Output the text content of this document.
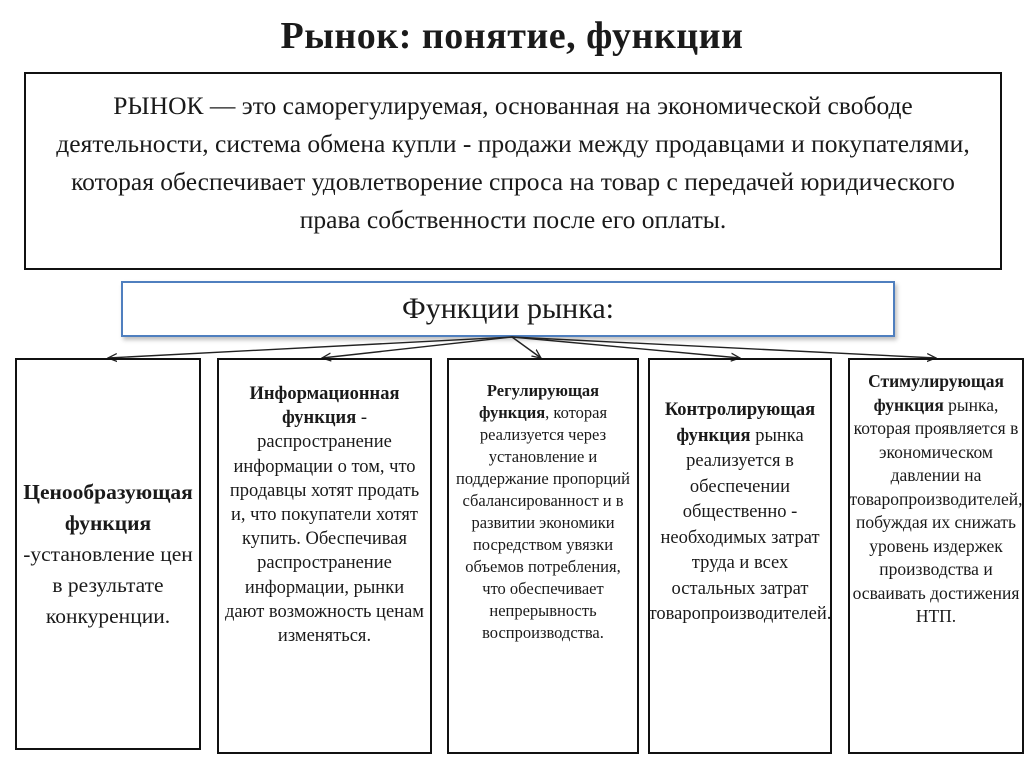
Рынок: понятие, функции
РЫНОК — это саморегулируемая, основанная на экономической свободе деятельности, система обмена купли - продажи между продавцами и покупателями, которая обеспечивает удовлетворение спроса на товар с передачей юридического права собственности после его оплаты.
Функции рынка:
Ценообразующая функция -установление цен в результате конкуренции.
Информационная функция - распространение информации о том, что продавцы хотят продать и, что покупатели хотят купить. Обеспечивая распространение информации, рынки дают возможность ценам изменяться.
Регулирующая функция, которая реализуется через установление и поддержание пропорций сбалансированност и в развитии экономики посредством увязки объемов потребления, что обеспечивает непрерывность воспроизводства.
Контролирующая функция рынка реализуется в обеспечении общественно - необходимых затрат труда и всех остальных затрат товаропроизводителей.
Стимулирующая функция рынка, которая проявляется в экономическом давлении на товаропроизводителей, побуждая их снижать уровень издержек производства и осваивать достижения НТП.
